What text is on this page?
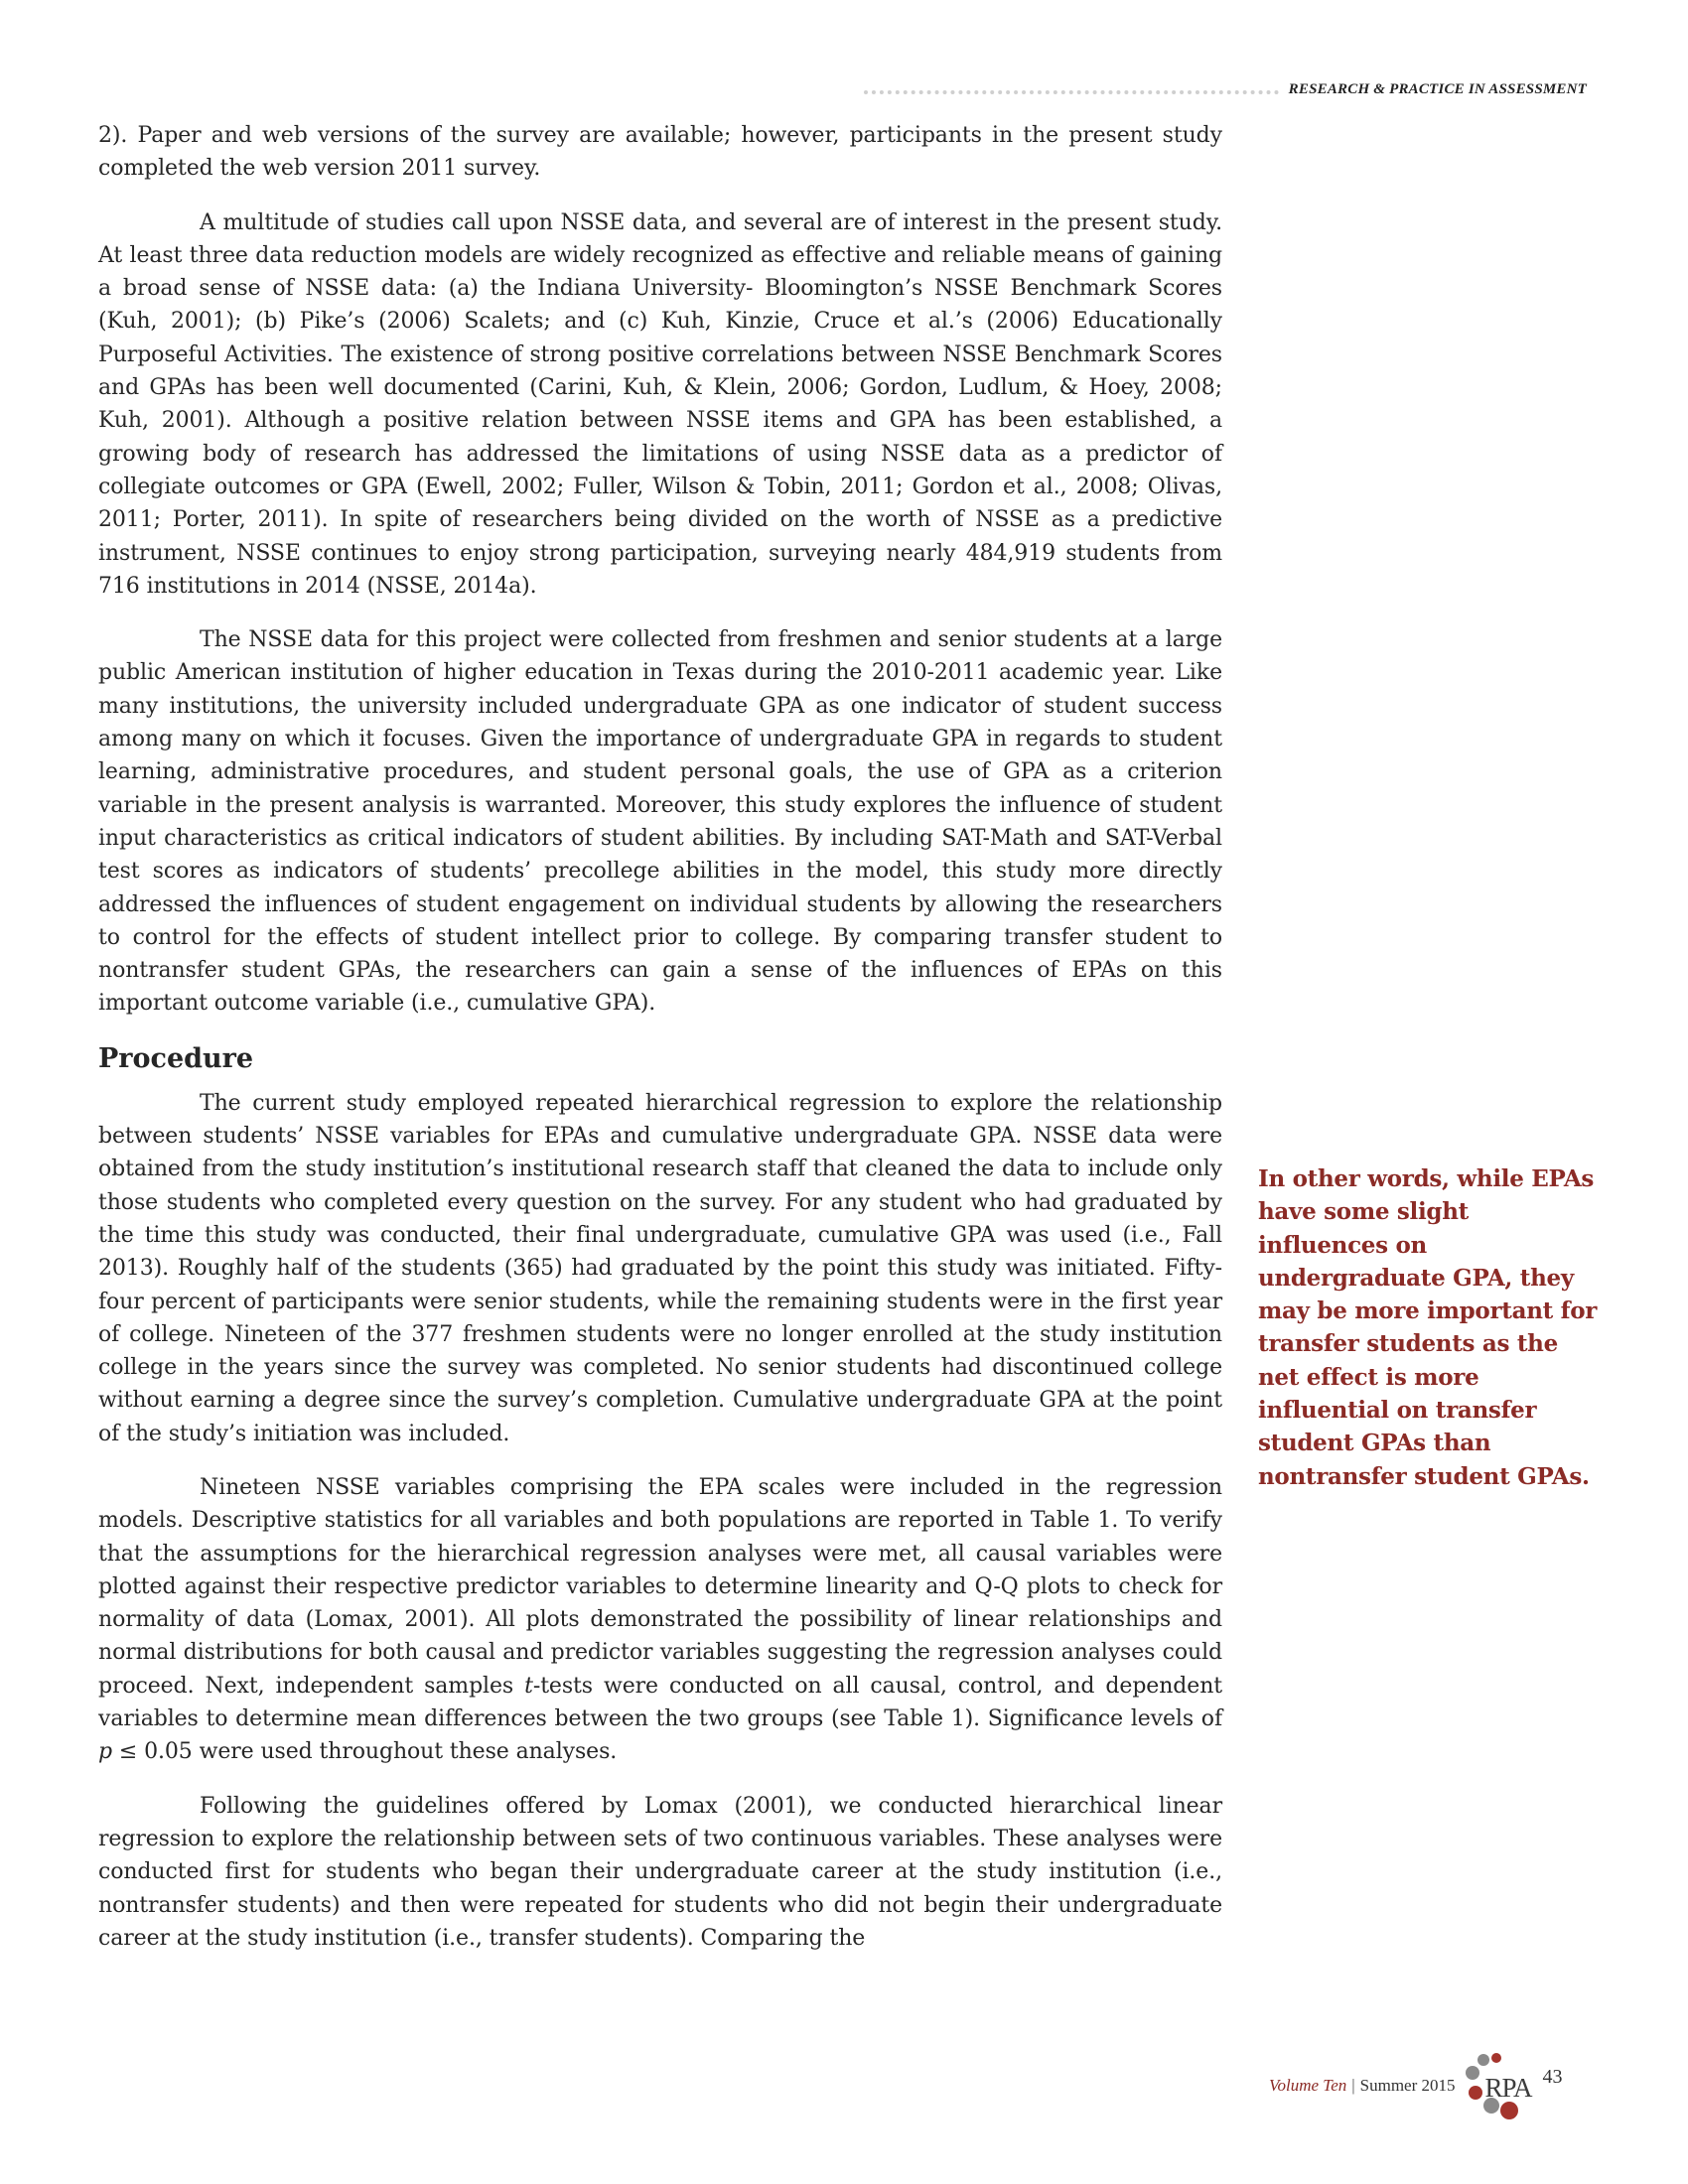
RESEARCH & PRACTICE IN ASSESSMENT

2). Paper and web versions of the survey are available; however, participants in the present study completed the web version 2011 survey.

A multitude of studies call upon NSSE data, and several are of interest in the present study. At least three data reduction models are widely recognized as effective and reliable means of gaining a broad sense of NSSE data: (a) the Indiana University- Bloomington’s NSSE Benchmark Scores (Kuh, 2001); (b) Pike’s (2006) Scalets; and (c) Kuh, Kinzie, Cruce et al.’s (2006) Educationally Purposeful Activities. The existence of strong positive correlations between NSSE Benchmark Scores and GPAs has been well documented (Carini, Kuh, & Klein, 2006; Gordon, Ludlum, & Hoey, 2008; Kuh, 2001). Although a positive relation between NSSE items and GPA has been established, a growing body of research has addressed the limitations of using NSSE data as a predictor of collegiate outcomes or GPA (Ewell, 2002; Fuller, Wilson & Tobin, 2011; Gordon et al., 2008; Olivas, 2011; Porter, 2011). In spite of researchers being divided on the worth of NSSE as a predictive instrument, NSSE continues to enjoy strong participation, surveying nearly 484,919 students from 716 institutions in 2014 (NSSE, 2014a).

The NSSE data for this project were collected from freshmen and senior students at a large public American institution of higher education in Texas during the 2010-2011 academic year. Like many institutions, the university included undergraduate GPA as one indicator of student success among many on which it focuses. Given the importance of undergraduate GPA in regards to student learning, administrative procedures, and student personal goals, the use of GPA as a criterion variable in the present analysis is warranted. Moreover, this study explores the influence of student input characteristics as critical indicators of student abilities. By including SAT-Math and SAT-Verbal test scores as indicators of students’ precollege abilities in the model, this study more directly addressed the influences of student engagement on individual students by allowing the researchers to control for the effects of student intellect prior to college. By comparing transfer student to nontransfer student GPAs, the researchers can gain a sense of the influences of EPAs on this important outcome variable (i.e., cumulative GPA).

Procedure

The current study employed repeated hierarchical regression to explore the relationship between students’ NSSE variables for EPAs and cumulative undergraduate GPA. NSSE data were obtained from the study institution’s institutional research staff that cleaned the data to include only those students who completed every question on the survey. For any student who had graduated by the time this study was conducted, their final undergraduate, cumulative GPA was used (i.e., Fall 2013). Roughly half of the students (365) had graduated by the point this study was initiated. Fifty-four percent of participants were senior students, while the remaining students were in the first year of college. Nineteen of the 377 freshmen students were no longer enrolled at the study institution college in the years since the survey was completed. No senior students had discontinued college without earning a degree since the survey’s completion. Cumulative undergraduate GPA at the point of the study’s initiation was included.

Nineteen NSSE variables comprising the EPA scales were included in the regression models. Descriptive statistics for all variables and both populations are reported in Table 1. To verify that the assumptions for the hierarchical regression analyses were met, all causal variables were plotted against their respective predictor variables to determine linearity and Q-Q plots to check for normality of data (Lomax, 2001). All plots demonstrated the possibility of linear relationships and normal distributions for both causal and predictor variables suggesting the regression analyses could proceed. Next, independent samples t-tests were conducted on all causal, control, and dependent variables to determine mean differences between the two groups (see Table 1). Significance levels of p ≤ 0.05 were used throughout these analyses.

Following the guidelines offered by Lomax (2001), we conducted hierarchical linear regression to explore the relationship between sets of two continuous variables. These analyses were conducted first for students who began their undergraduate career at the study institution (i.e., nontransfer students) and then were repeated for students who did not begin their undergraduate career at the study institution (i.e., transfer students). Comparing the

In other words, while EPAs have some slight influences on undergraduate GPA, they may be more important for transfer students as the net effect is more influential on transfer student GPAs than nontransfer student GPAs.
Volume Ten | Summer 2015 RPA 43
